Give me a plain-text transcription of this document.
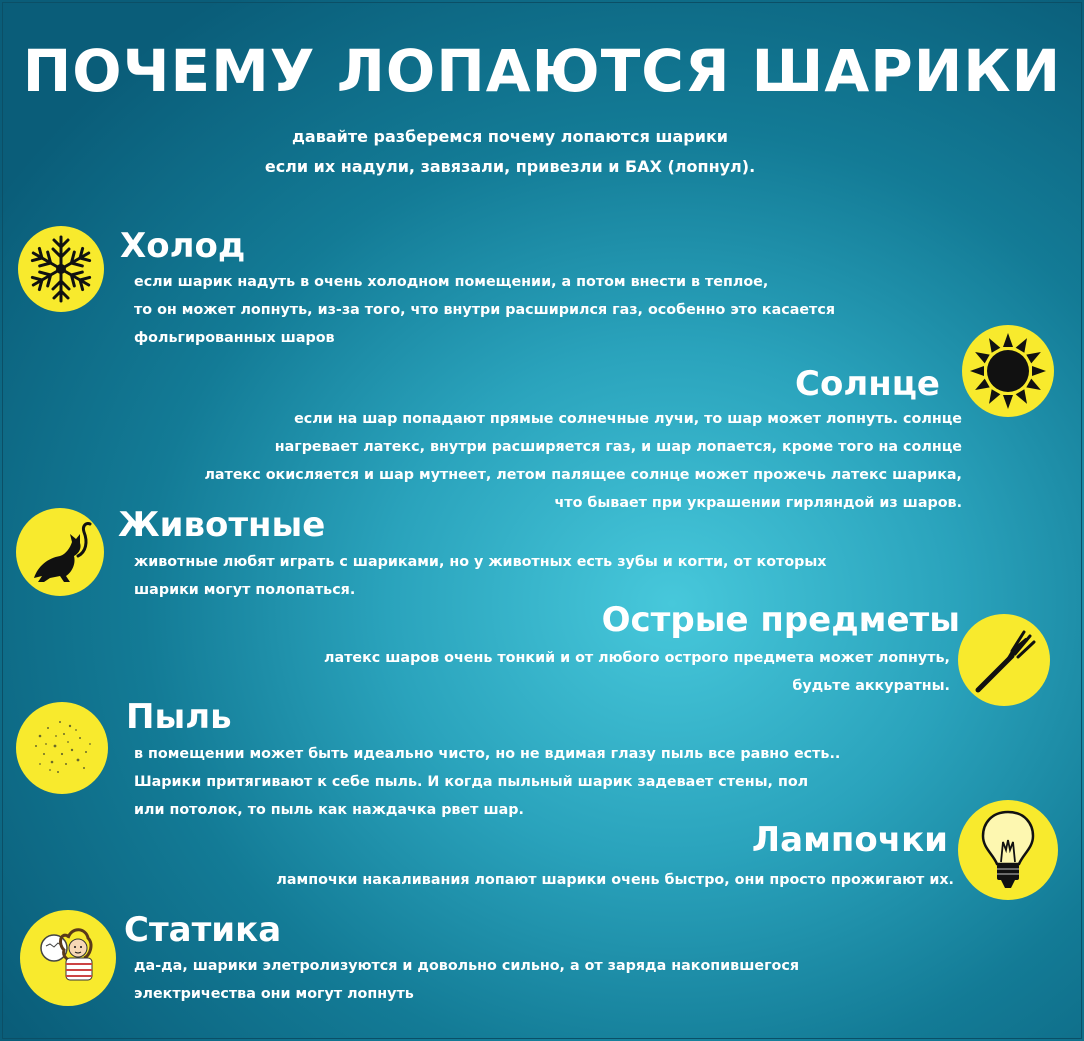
ПОЧЕМУ ЛОПАЮТСЯ ШАРИКИ
давайте разберемся почему лопаются шарики
если их надули, завязали, привезли и БАХ (лопнул).
Холод
если шарик надуть в очень холодном помещении, а потом внести в теплое,
то он может лопнуть, из-за того, что внутри расширился газ, особенно это касается
фольгированных шаров
Солнце
если на шар попадают прямые солнечные лучи, то шар может лопнуть. солнце
нагревает латекс, внутри расширяется газ, и шар лопается, кроме того на солнце
латекс окисляется и шар мутнеет, летом палящее солнце может прожечь латекс шарика,
что бывает при украшении гирляндой из шаров.
Животные
животные любят играть с шариками, но у животных есть зубы и когти, от которых
шарики могут полопаться.
Острые предметы
латекс шаров очень тонкий и от любого острого предмета может лопнуть,
будьте аккуратны.
Пыль
в помещении может быть идеально чисто, но не вдимая глазу пыль все равно есть..
Шарики притягивают к себе пыль. И когда пыльный шарик задевает стены, пол
или потолок, то пыль как наждачка рвет шар.
Лампочки
лампочки накаливания лопают шарики очень быстро, они просто прожигают их.
Статика
да-да, шарики элетролизуются и довольно сильно, а от заряда накопившегося
электричества они могут лопнуть
